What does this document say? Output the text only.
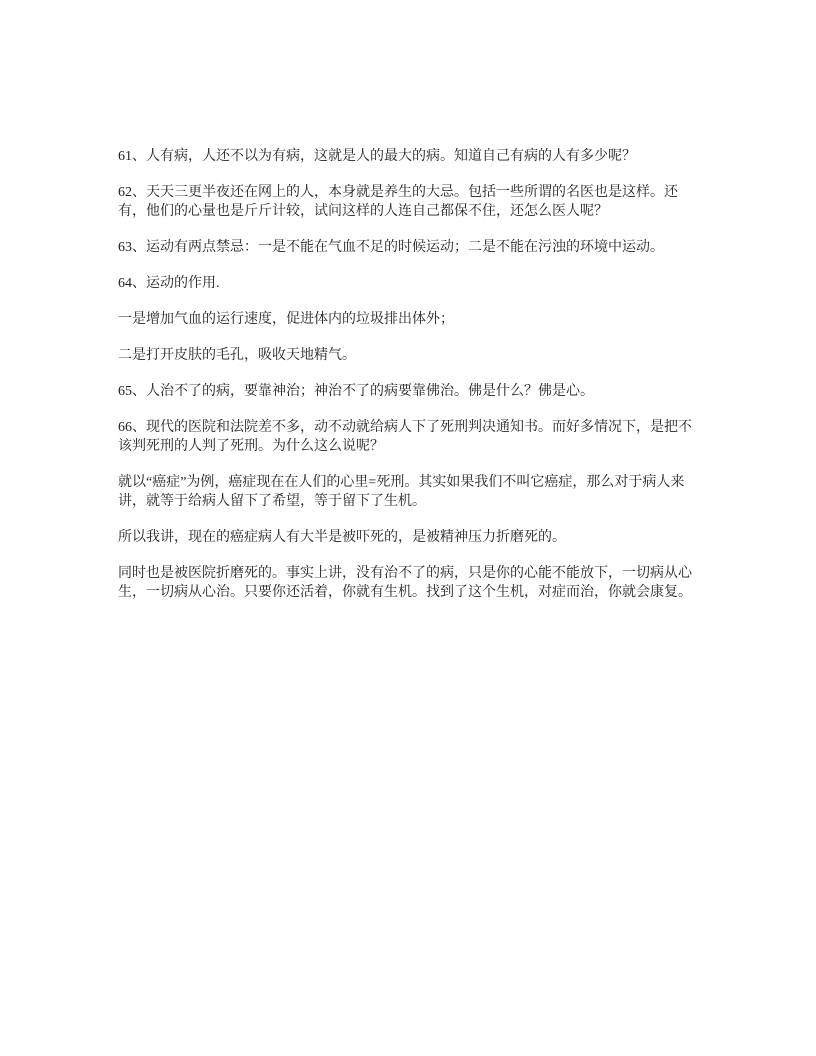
61、人有病，人还不以为有病，这就是人的最大的病。知道自己有病的人有多少呢？

62、天天三更半夜还在网上的人，本身就是养生的大忌。包括一些所谓的名医也是这样。还有，他们的心量也是斤斤计较，试问这样的人连自己都保不住，还怎么医人呢？

63、运动有两点禁忌：一是不能在气血不足的时候运动；二是不能在污浊的环境中运动。

64、运动的作用.

一是增加气血的运行速度，促进体内的垃圾排出体外；

二是打开皮肤的毛孔，吸收天地精气。

65、人治不了的病，要靠神治；神治不了的病要靠佛治。佛是什么？佛是心。

66、现代的医院和法院差不多，动不动就给病人下了死刑判决通知书。而好多情况下，是把不该判死刑的人判了死刑。为什么这么说呢？

就以“癌症”为例，癌症现在在人们的心里=死刑。其实如果我们不叫它癌症，那么对于病人来讲，就等于给病人留下了希望，等于留下了生机。

所以我讲，现在的癌症病人有大半是被吓死的，是被精神压力折磨死的。

同时也是被医院折磨死的。事实上讲，没有治不了的病，只是你的心能不能放下，一切病从心生，一切病从心治。只要你还活着，你就有生机。找到了这个生机，对症而治，你就会康复。
